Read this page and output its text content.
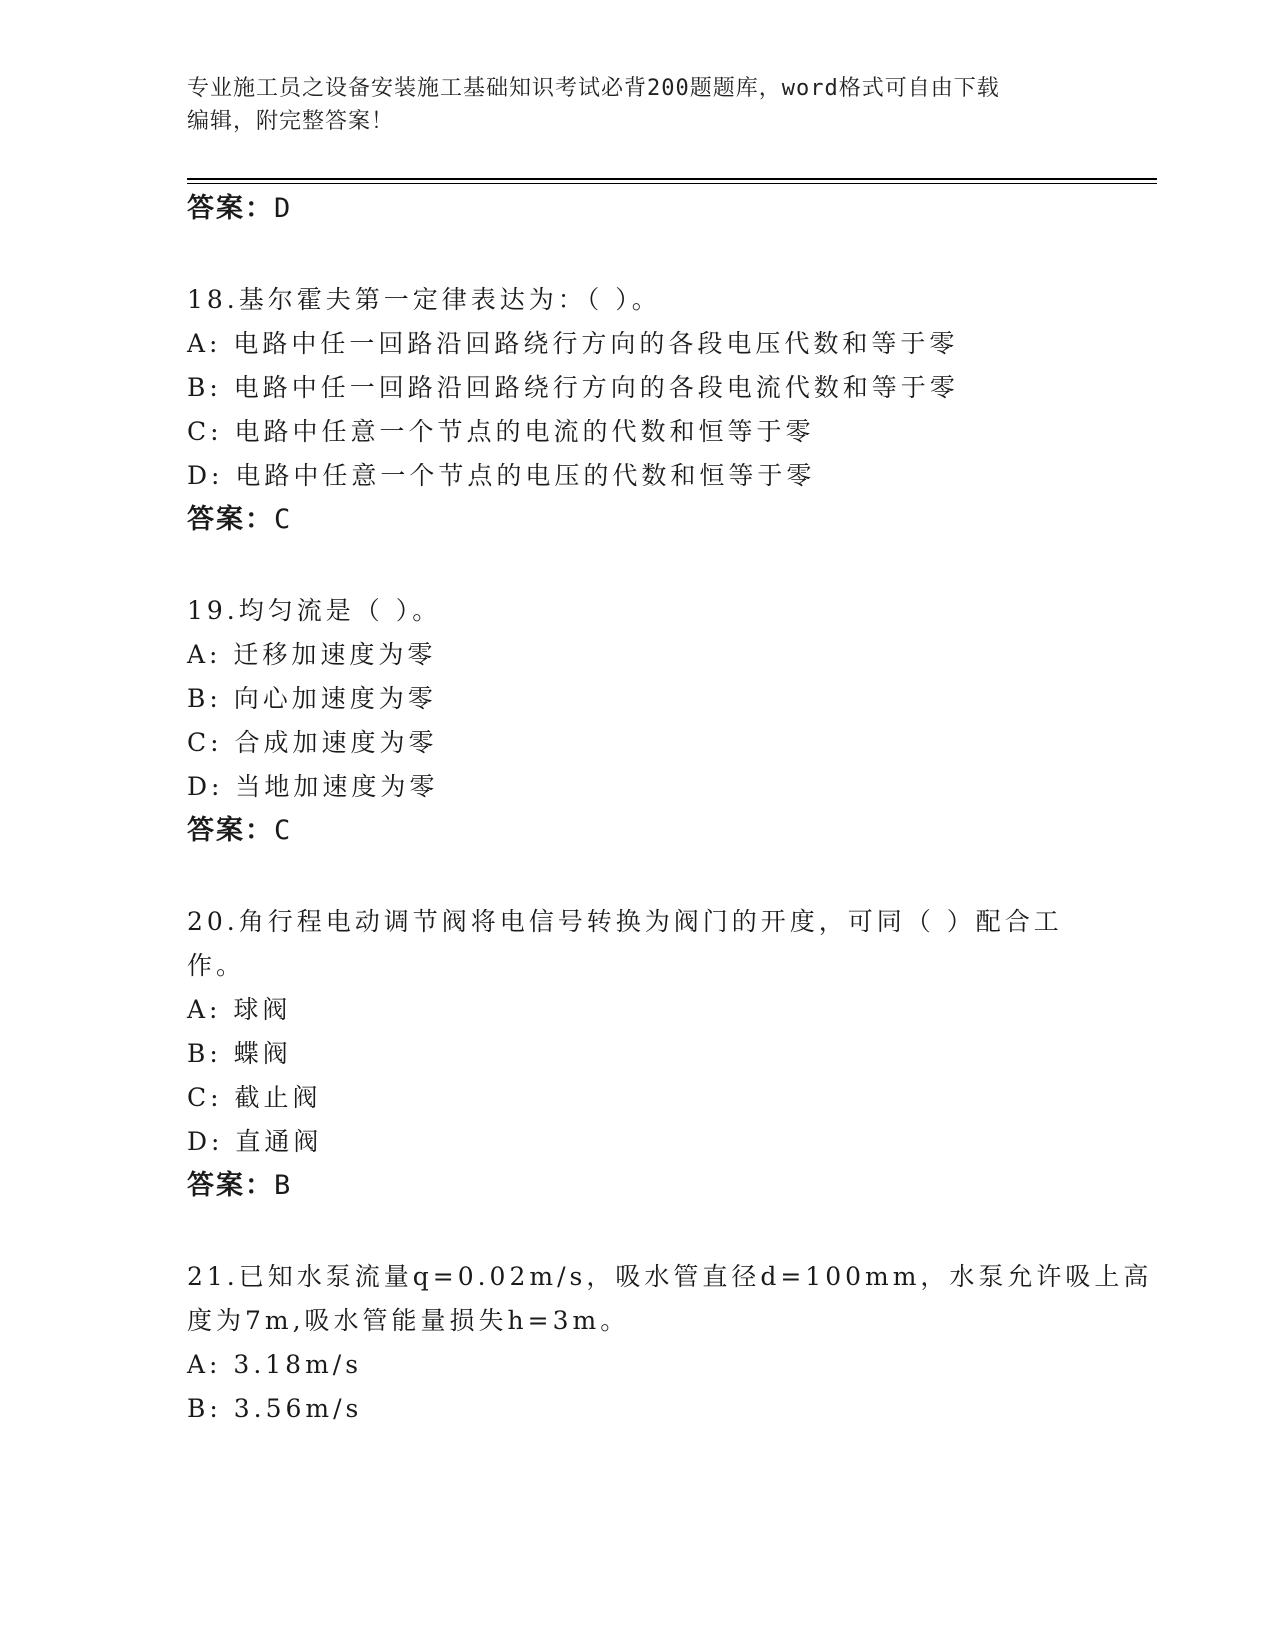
专业施工员之设备安装施工基础知识考试必背200题题库，word格式可自由下载
编辑，附完整答案！
答案：D
18.基尔霍夫第一定律表达为：（ ）。
A: 电路中任一回路沿回路绕行方向的各段电压代数和等于零
B: 电路中任一回路沿回路绕行方向的各段电流代数和等于零
C: 电路中任意一个节点的电流的代数和恒等于零
D: 电路中任意一个节点的电压的代数和恒等于零
答案：C
19.均匀流是（ ）。
A: 迁移加速度为零
B: 向心加速度为零
C: 合成加速度为零
D: 当地加速度为零
答案：C
20.角行程电动调节阀将电信号转换为阀门的开度，可同（ ）配合工
作。
A: 球阀
B: 蝶阀
C: 截止阀
D: 直通阀
答案：B
21.已知水泵流量q=0.02m/s，吸水管直径d=100mm，水泵允许吸上高
度为7m,吸水管能量损失h=3m。
A: 3.18m/s
B: 3.56m/s
